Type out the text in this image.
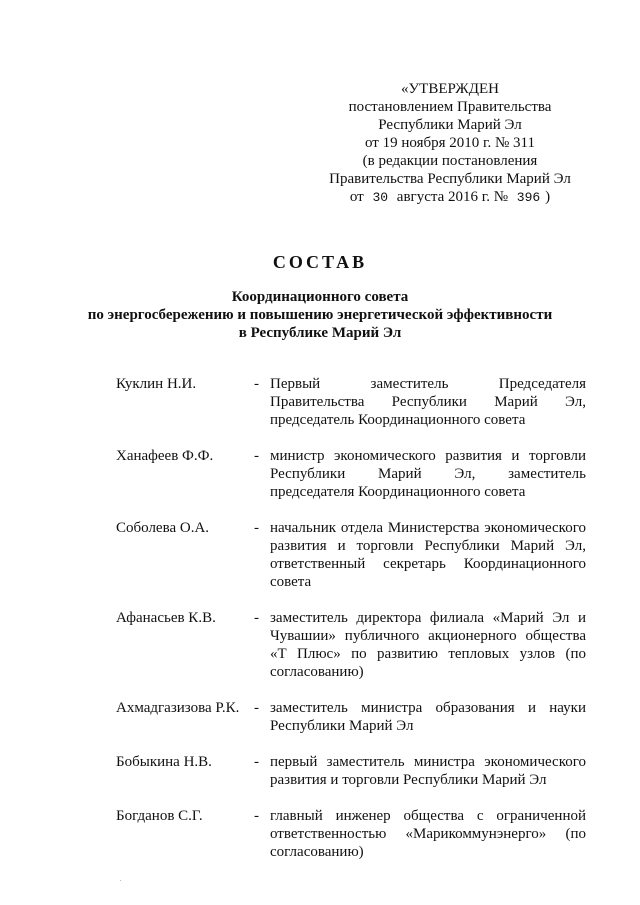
«УТВЕРЖДЕН
постановлением Правительства
Республики Марий Эл
от 19 ноября 2010 г. № 311
(в редакции постановления
Правительства Республики Марий Эл
от 30 августа 2016 г. № 396 )
СОСТАВ
Координационного совета
по энергосбережению и повышению энергетической эффективности
в Республике Марий Эл
Куклин Н.И.	- Первый заместитель Председателя Правительства Республики Марий Эл, председатель Координационного совета
Ханафеев Ф.Ф.	- министр экономического развития и торговли Республики Марий Эл, заместитель председателя Координационного совета
Соболева О.А.	- начальник отдела Министерства экономического развития и торговли Республики Марий Эл, ответственный секретарь Координационного совета
Афанасьев К.В.	- заместитель директора филиала «Марий Эл и Чувашии» публичного акционерного общества «Т Плюс» по развитию тепловых узлов (по согласованию)
Ахмадгазизова Р.К. - заместитель министра образования и науки Республики Марий Эл
Бобыкина Н.В.	- первый заместитель министра экономического развития и торговли Республики Марий Эл
Богданов С.Г.	- главный инженер общества с ограниченной ответственностью «Марикоммунэнерго» (по согласованию)
